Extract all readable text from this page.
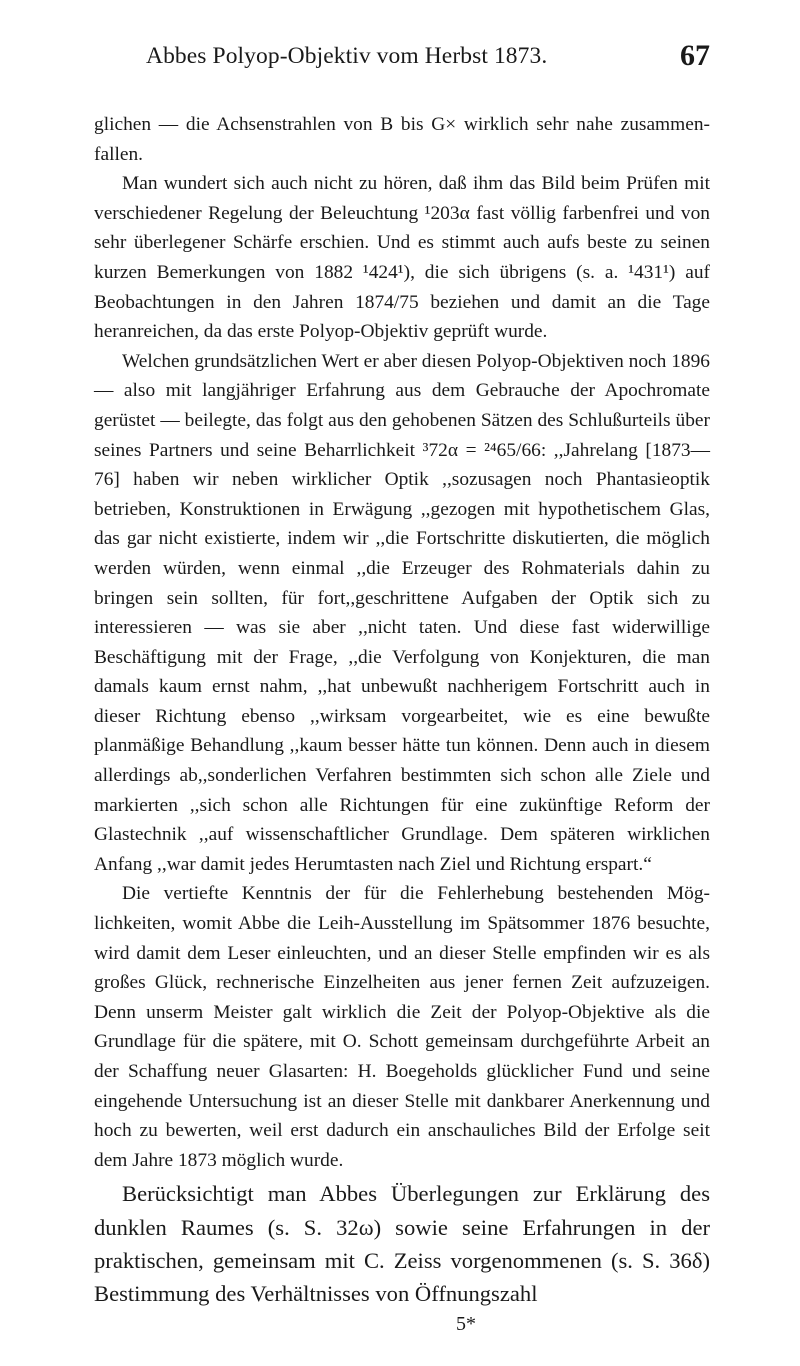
Abbes Polyop-Objektiv vom Herbst 1873.	67

glichen — die Achsenstrahlen von B bis G× wirklich sehr nahe zusammenfallen.

Man wundert sich auch nicht zu hören, daß ihm das Bild beim Prüfen mit verschiedener Regelung der Beleuchtung ¹203α fast völlig farbenfrei und von sehr überlegener Schärfe erschien. Und es stimmt auch aufs beste zu seinen kurzen Bemerkungen von 1882 ¹424¹), die sich übrigens (s. a. ¹431¹) auf Beobachtungen in den Jahren 1874/75 beziehen und damit an die Tage heranreichen, da das erste Polyop-Objektiv geprüft wurde.

Welchen grundsätzlichen Wert er aber diesen Polyop-Objektiven noch 1896 — also mit langjähriger Erfahrung aus dem Gebrauche der Apochromate gerüstet — beilegte, das folgt aus den gehobenen Sätzen des Schlußurteils über seines Partners und seine Beharrlichkeit ³72α = ²⁴65/66: ,,Jahrelang [1873—76] haben wir neben wirklicher Optik ,,sozusagen noch Phantasieoptik betrieben, Konstruktionen in Erwägung ,,gezogen mit hypothetischem Glas, das gar nicht existierte, indem wir ,,die Fortschritte diskutierten, die möglich werden würden, wenn einmal ,,die Erzeuger des Rohmaterials dahin zu bringen sein sollten, für fort,,geschrittene Aufgaben der Optik sich zu interessieren — was sie aber ,,nicht taten. Und diese fast widerwillige Beschäftigung mit der Frage, ,,die Verfolgung von Konjekturen, die man damals kaum ernst nahm, ,,hat unbewußt nachherigem Fortschritt auch in dieser Richtung ebenso ,,wirksam vorgearbeitet, wie es eine bewußte planmäßige Behandlung ,,kaum besser hätte tun können. Denn auch in diesem allerdings ab,,sonderlichen Verfahren bestimmten sich schon alle Ziele und markierten ,,sich schon alle Richtungen für eine zukünftige Reform der Glastechnik ,,auf wissenschaftlicher Grundlage. Dem späteren wirklichen Anfang ,,war damit jedes Herumtasten nach Ziel und Richtung erspart.“

Die vertiefte Kenntnis der für die Fehlerhebung bestehenden Möglichkeiten, womit Abbe die Leih-Ausstellung im Spätsommer 1876 besuchte, wird damit dem Leser einleuchten, und an dieser Stelle empfinden wir es als großes Glück, rechnerische Einzelheiten aus jener fernen Zeit aufzuzeigen. Denn unserm Meister galt wirklich die Zeit der Polyop-Objektive als die Grundlage für die spätere, mit O. Schott gemeinsam durchgeführte Arbeit an der Schaffung neuer Glasarten: H. Boegeholds glücklicher Fund und seine eingehende Untersuchung ist an dieser Stelle mit dankbarer Anerkennung und hoch zu bewerten, weil erst dadurch ein anschauliches Bild der Erfolge seit dem Jahre 1873 möglich wurde.

Berücksichtigt man Abbes Überlegungen zur Erklärung des dunklen Raumes (s. S. 32ω) sowie seine Erfahrungen in der praktischen, gemeinsam mit C. Zeiss vorgenommenen (s. S. 36δ) Bestimmung des Verhältnisses von Öffnungszahl

5*
